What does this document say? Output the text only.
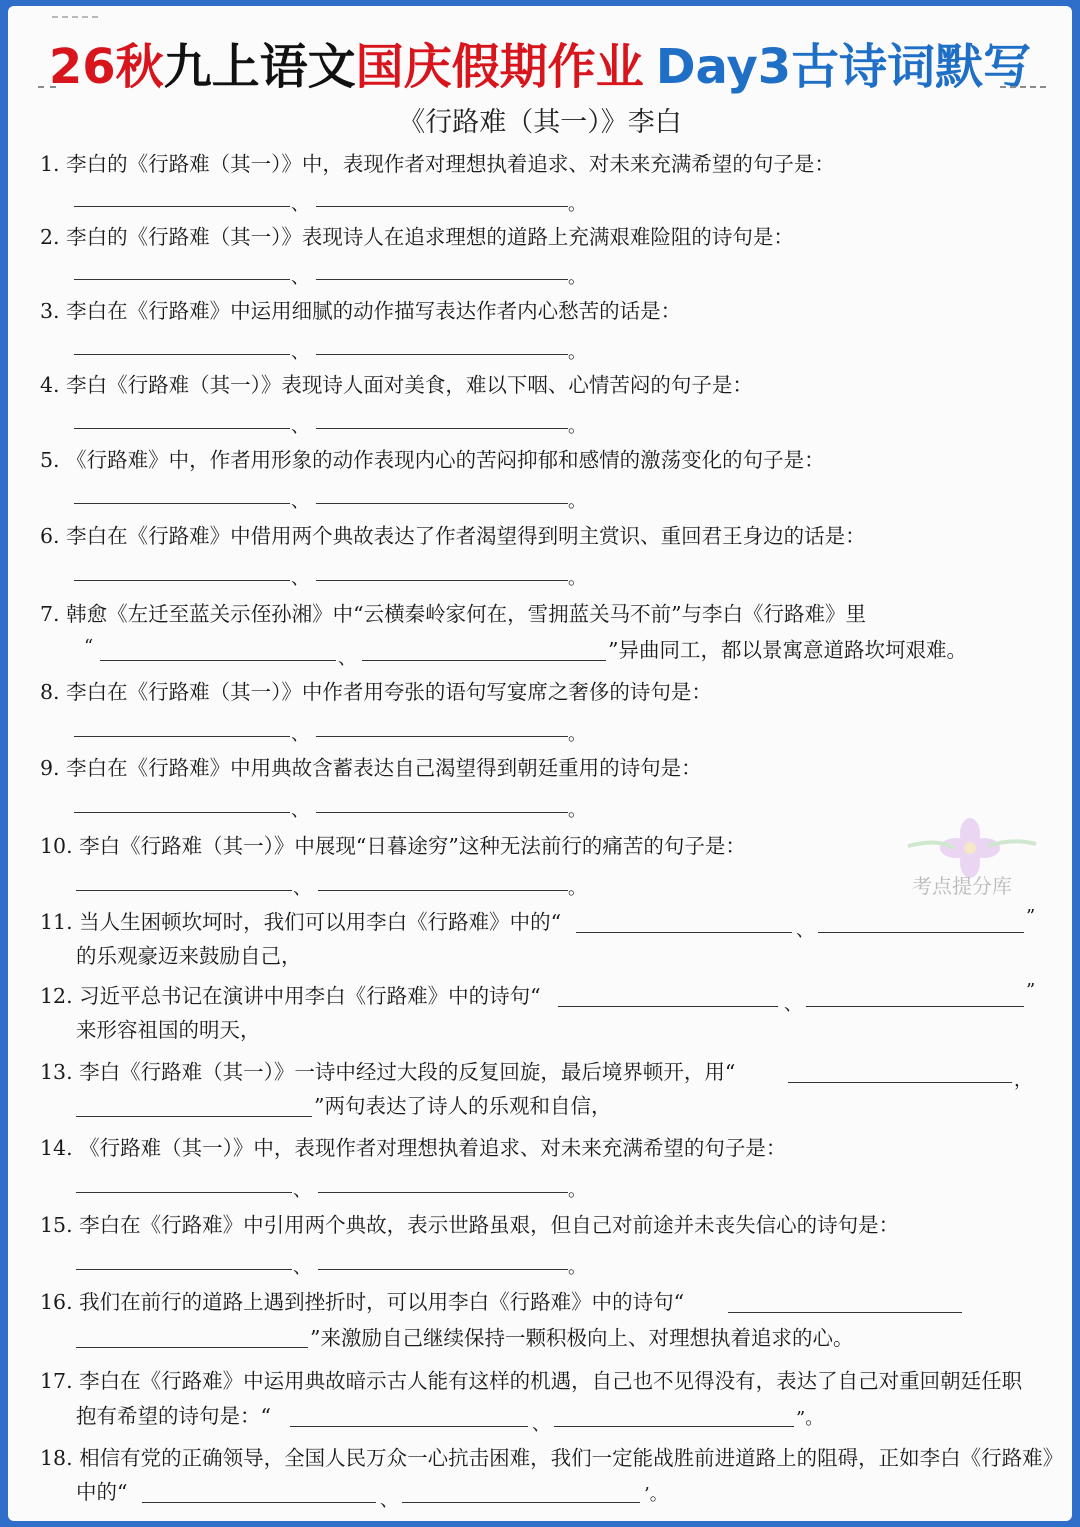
26秋九上语文国庆假期作业 Day3古诗词默写
《行路难（其一）》李白
1. 李白的《行路难（其一）》中，表现作者对理想执着追求、对未来充满希望的句子是：
、	。
2. 李白的《行路难（其一）》表现诗人在追求理想的道路上充满艰难险阻的诗句是：
、	。
3. 李白在《行路难》中运用细腻的动作描写表达作者内心愁苦的话是：
、	。
4. 李白《行路难（其一）》表现诗人面对美食，难以下咽、心情苦闷的句子是：
、	。
5. 《行路难》中，作者用形象的动作表现内心的苦闷抑郁和感情的激荡变化的句子是：
、	。
6. 李白在《行路难》中借用两个典故表达了作者渴望得到明主赏识、重回君王身边的话是：
、	。
7. 韩愈《左迁至蓝关示侄孙湘》中“云横秦岭家何在，雪拥蓝关马不前”与李白《行路难》里
“
、	”异曲同工，都以景寓意道路坎坷艰难。
8. 李白在《行路难（其一）》中作者用夸张的语句写宴席之奢侈的诗句是：
、	。
9. 李白在《行路难》中用典故含蓄表达自己渴望得到朝廷重用的诗句是：
、	。
10. 李白《行路难（其一）》中展现“日暮途穷”这种无法前行的痛苦的句子是：
、	。	考点提分库
11. 当人生困顿坎坷时，我们可以用李白《行路难》中的“	、
”
的乐观豪迈来鼓励自己，
12. 习近平总书记在演讲中用李白《行路难》中的诗句“	、
”
来形容祖国的明天，
13. 李白《行路难（其一）》一诗中经过大段的反复回旋，最后境界顿开，用“	，
”两句表达了诗人的乐观和自信，
14. 《行路难（其一）》中，表现作者对理想执着追求、对未来充满希望的句子是：
、	。
15. 李白在《行路难》中引用两个典故，表示世路虽艰，但自己对前途并未丧失信心的诗句是：
、	。
16. 我们在前行的道路上遇到挫折时，可以用李白《行路难》中的诗句“
”来激励自己继续保持一颗积极向上、对理想执着追求的心。
17. 李白在《行路难》中运用典故暗示古人能有这样的机遇，自己也不见得没有，表达了自己对重回朝廷任职
抱有希望的诗句是：“	、	”。
18. 相信有党的正确领导，全国人民万众一心抗击困难，我们一定能战胜前进道路上的阻碍，正如李白《行路难》
中的“	、	’。
